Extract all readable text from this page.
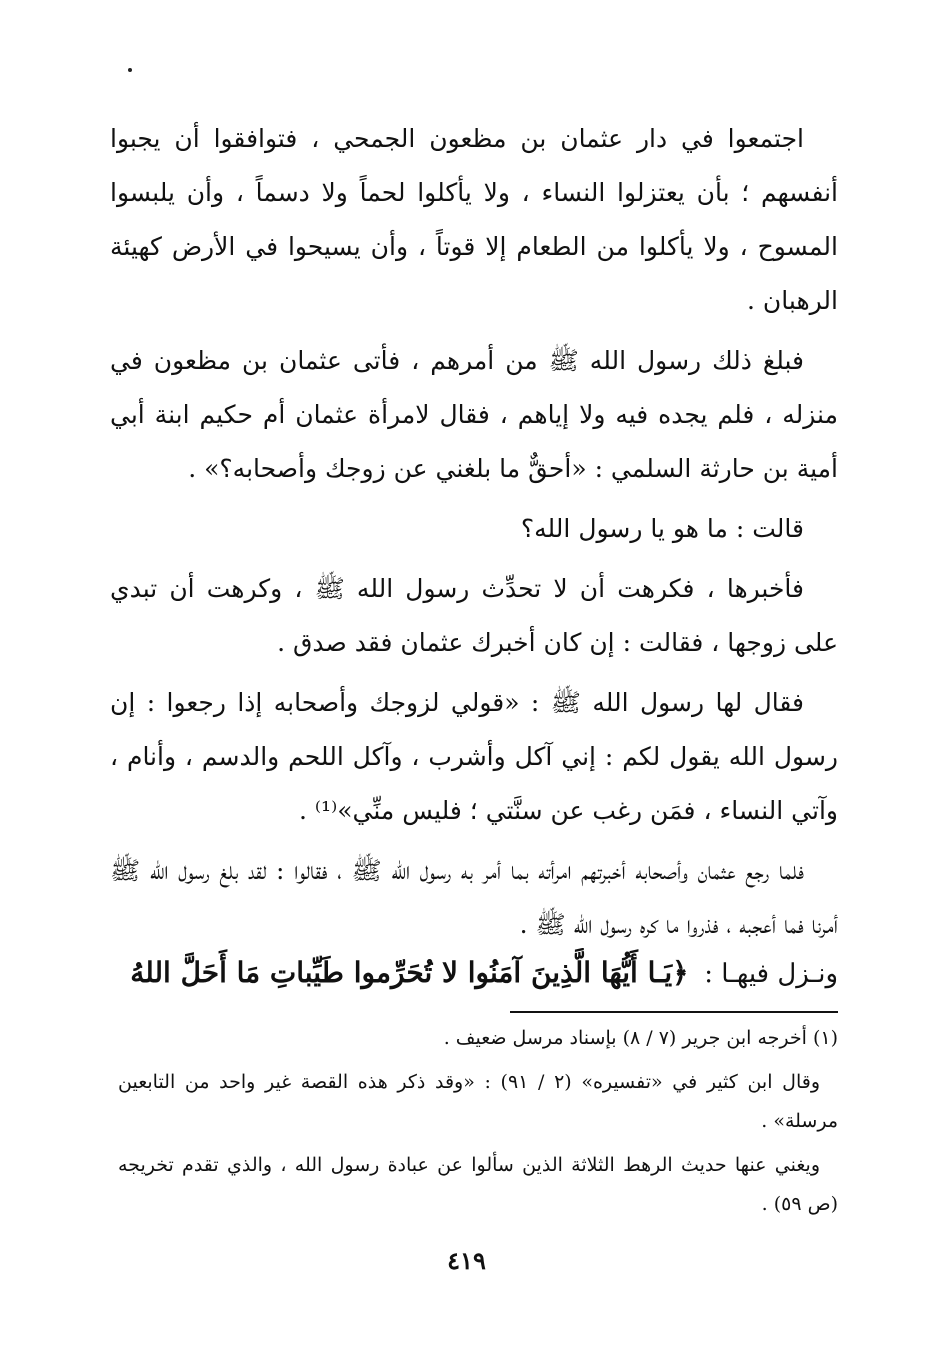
اجتمعوا في دار عثمان بن مظعون الجمحي ، فتوافقوا أن يجبوا أنفسهم ؛ بأن يعتزلوا النساء ، ولا يأكلوا لحماً ولا دسماً ، وأن يلبسوا المسوح ، ولا يأكلوا من الطعام إلا قوتاً ، وأن يسيحوا في الأرض كهيئة الرهبان .

فبلغ ذلك رسول الله ﷺ من أمرهم ، فأتى عثمان بن مظعون في منزله ، فلم يجده فيه ولا إياهم ، فقال لامرأة عثمان أم حكيم ابنة أبي أمية بن حارثة السلمي : «أحقٌّ ما بلغني عن زوجك وأصحابه؟» .

قالت : ما هو يا رسول الله؟

فأخبرها ، فكرهت أن لا تحدِّث رسول الله ﷺ ، وكرهت أن تبدي على زوجها ، فقالت : إن كان أخبرك عثمان فقد صدق .

فقال لها رسول الله ﷺ : «قولي لزوجك وأصحابه إذا رجعوا : إن رسول الله يقول لكم : إني آكل وأشرب ، وآكل اللحم والدسم ، وأنام ، وآتي النساء ، فمَن رغب عن سنَّتي ؛ فليس منِّي»⁽¹⁾ .

فلما رجع عثمان وأصحابه أخبرتهم امرأته بما أمر به رسول الله ﷺ ، فقالوا : لقد بلغ رسول الله ﷺ أمرنا فما أعجبه ، فذروا ما كره رسول الله ﷺ .

ونـزل فيهـا : ﴿يَـا أَيُّهَا الَّذِينَ آمَنُوا لا تُحَرِّموا طَيِّباتِ مَا أَحَلَّ اللهُ

(١) أخرجه ابن جرير (٧ / ٨) بإسناد مرسل ضعيف .

وقال ابن كثير في «تفسيره» (٢ / ٩١) : «وقد ذكر هذه القصة غير واحد من التابعين مرسلة» .

ويغني عنها حديث الرهط الثلاثة الذين سألوا عن عبادة رسول الله ، والذي تقدم تخريجه (ص ٥٩) .

٤١٩
